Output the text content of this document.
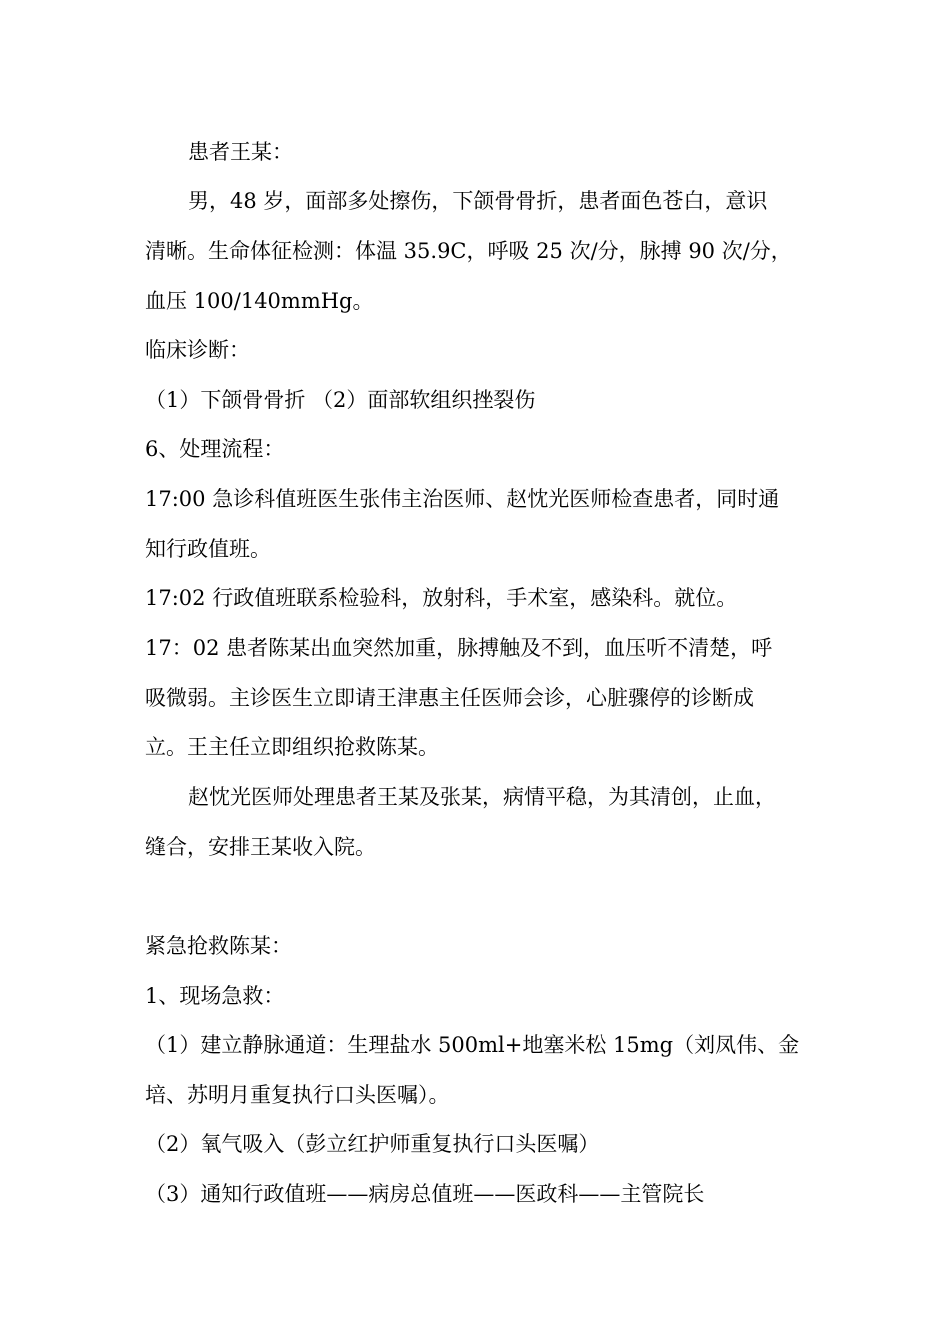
患者王某：
男，48 岁，面部多处擦伤，下颌骨骨折，患者面色苍白，意识
清晰。生命体征检测：体温 35.9C，呼吸 25 次/分，脉搏 90 次/分，
血压 100/140mmHg。
临床诊断：
（1）下颌骨骨折 （2）面部软组织挫裂伤
6、处理流程：
17:00 急诊科值班医生张伟主治医师、赵忱光医师检查患者，同时通
知行政值班。
17:02 行政值班联系检验科，放射科，手术室，感染科。就位。
17：02 患者陈某出血突然加重，脉搏触及不到，血压听不清楚，呼
吸微弱。主诊医生立即请王津惠主任医师会诊，心脏骤停的诊断成
立。王主任立即组织抢救陈某。
赵忱光医师处理患者王某及张某，病情平稳，为其清创，止血，
缝合，安排王某收入院。
紧急抢救陈某：
1、现场急救：
（1）建立静脉通道：生理盐水 500ml+地塞米松 15mg（刘凤伟、金
培、苏明月重复执行口头医嘱）。
（2）氧气吸入（彭立红护师重复执行口头医嘱）
（3）通知行政值班——病房总值班——医政科——主管院长
